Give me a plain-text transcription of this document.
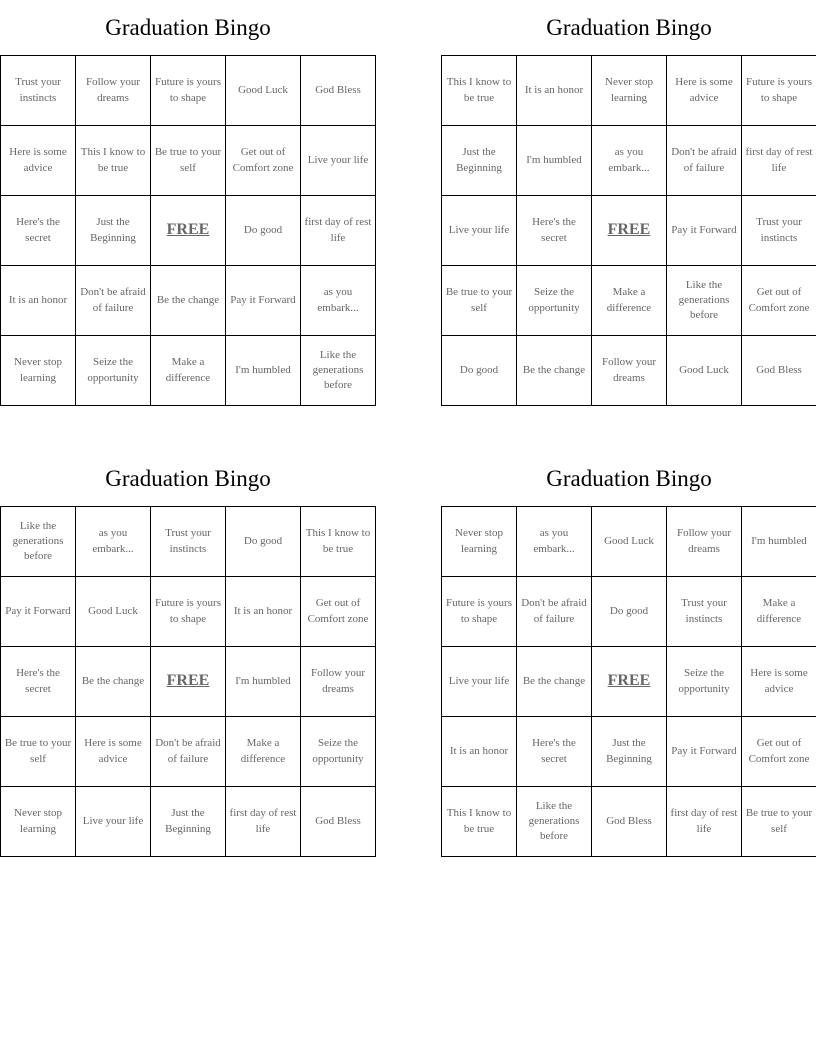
Graduation Bingo
Trust your instincts	Follow your dreams	Future is yours to shape	Good Luck	God Bless
Here is some advice	This I know to be true	Be true to your self	Get out of Comfort zone	Live your life
Here's the secret	Just the Beginning	FREE	Do good	first day of rest life
It is an honor	Don't be afraid of failure	Be the change	Pay it Forward	as you embark...
Never stop learning	Seize the opportunity	Make a difference	I'm humbled	Like the generations before
Graduation Bingo
This I know to be true	It is an honor	Never stop learning	Here is some advice	Future is yours to shape
Just the Beginning	I'm humbled	as you embark...	Don't be afraid of failure	first day of rest life
Live your life	Here's the secret	FREE	Pay it Forward	Trust your instincts
Be true to your self	Seize the opportunity	Make a difference	Like the generations before	Get out of Comfort zone
Do good	Be the change	Follow your dreams	Good Luck	God Bless
Graduation Bingo
Like the generations before	as you embark...	Trust your instincts	Do good	This I know to be true
Pay it Forward	Good Luck	Future is yours to shape	It is an honor	Get out of Comfort zone
Here's the secret	Be the change	FREE	I'm humbled	Follow your dreams
Be true to your self	Here is some advice	Don't be afraid of failure	Make a difference	Seize the opportunity
Never stop learning	Live your life	Just the Beginning	first day of rest life	God Bless
Graduation Bingo
Never stop learning	as you embark...	Good Luck	Follow your dreams	I'm humbled
Future is yours to shape	Don't be afraid of failure	Do good	Trust your instincts	Make a difference
Live your life	Be the change	FREE	Seize the opportunity	Here is some advice
It is an honor	Here's the secret	Just the Beginning	Pay it Forward	Get out of Comfort zone
This I know to be true	Like the generations before	God Bless	first day of rest life	Be true to your self
